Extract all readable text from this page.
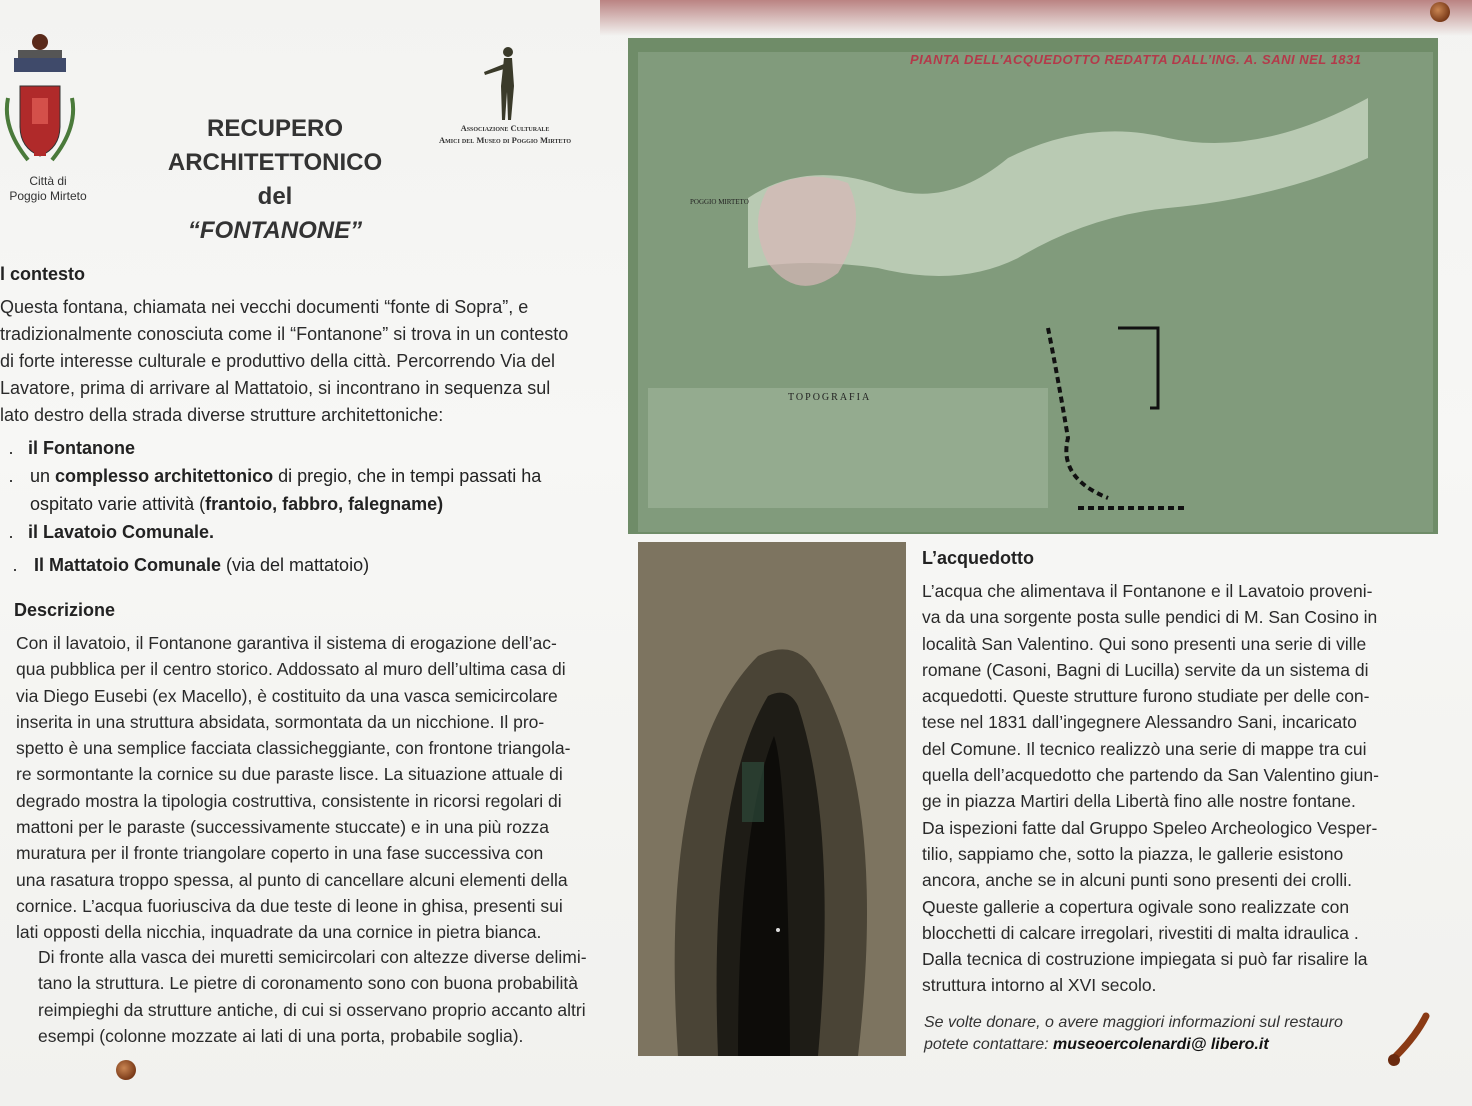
Città di
Poggio Mirteto
RECUPERO
ARCHITETTONICO
del
“FONTANONE”
Associazione Culturale
Amici del Museo di Poggio Mirteto
l contesto
Questa fontana, chiamata nei vecchi documenti “fonte di Sopra”, e
tradizionalmente conosciuta come il “Fontanone” si trova in un contesto
di forte interesse culturale e produttivo della città. Percorrendo Via del
Lavatore, prima di arrivare al Mattatoio, si incontrano in sequenza sul
lato destro della strada diverse strutture architettoniche:
. il Fontanone
. un complesso architettonico di pregio, che in tempi passati ha
ospitato varie attività ( frantoio, fabbro, falegname)
. il Lavatoio Comunale.
. Il Mattatoio Comunale (via del mattatoio)
Descrizione
Con il lavatoio, il Fontanone garantiva il sistema di erogazione dell’ac-
qua pubblica per il centro storico. Addossato al muro dell’ultima casa di
via Diego Eusebi (ex Macello), è costituito da una vasca semicircolare
inserita in una struttura absidata, sormontata da un nicchione. Il pro-
spetto è una semplice facciata classicheggiante, con frontone triangola-
re sormontante la cornice su due paraste lisce. La situazione attuale di
degrado mostra la tipologia costruttiva, consistente in ricorsi regolari di
mattoni per le paraste (successivamente stuccate) e in una più rozza
muratura per il fronte triangolare coperto in una fase successiva con
una rasatura troppo spessa, al punto di cancellare alcuni elementi della
cornice. L’acqua fuoriusciva da due teste di leone in ghisa, presenti sui
lati opposti della nicchia, inquadrate da una cornice in pietra bianca.
Di fronte alla vasca dei muretti semicircolari con altezze diverse delimi-
tano la struttura. Le pietre di coronamento sono con buona probabilità
reimpieghi da strutture antiche, di cui si osservano proprio accanto altri
esempi (colonne mozzate ai lati di una porta, probabile soglia).
POGGIO MIRTETO
TOPOGRAFIA
PIANTA DELL’ACQUEDOTTO REDATTA DALL’ING. A. SANI NEL 1831
L’acquedotto
L’acqua che alimentava il Fontanone e il Lavatoio proveni-
va da una sorgente posta sulle pendici di M. San Cosino in
località San Valentino. Qui sono presenti una serie di ville
romane (Casoni, Bagni di Lucilla) servite da un sistema di
acquedotti. Queste strutture furono studiate per delle con-
tese nel 1831 dall’ingegnere Alessandro Sani, incaricato
del Comune. Il tecnico realizzò una serie di mappe tra cui
quella dell’acquedotto che partendo da San Valentino giun-
ge in piazza Martiri della Libertà fino alle nostre fontane.
Da ispezioni fatte dal Gruppo Speleo Archeologico Vesper-
tilio, sappiamo che, sotto la piazza, le gallerie esistono
ancora, anche se in alcuni punti sono presenti dei crolli.
Queste gallerie a copertura ogivale sono realizzate con
blocchetti di calcare irregolari, rivestiti di malta idraulica .
Dalla tecnica di costruzione impiegata si può far risalire la
struttura intorno al XVI secolo.
Se volte donare, o avere maggiori informazioni sul restauro
potete contattare: museoercolenardi@ libero.it
